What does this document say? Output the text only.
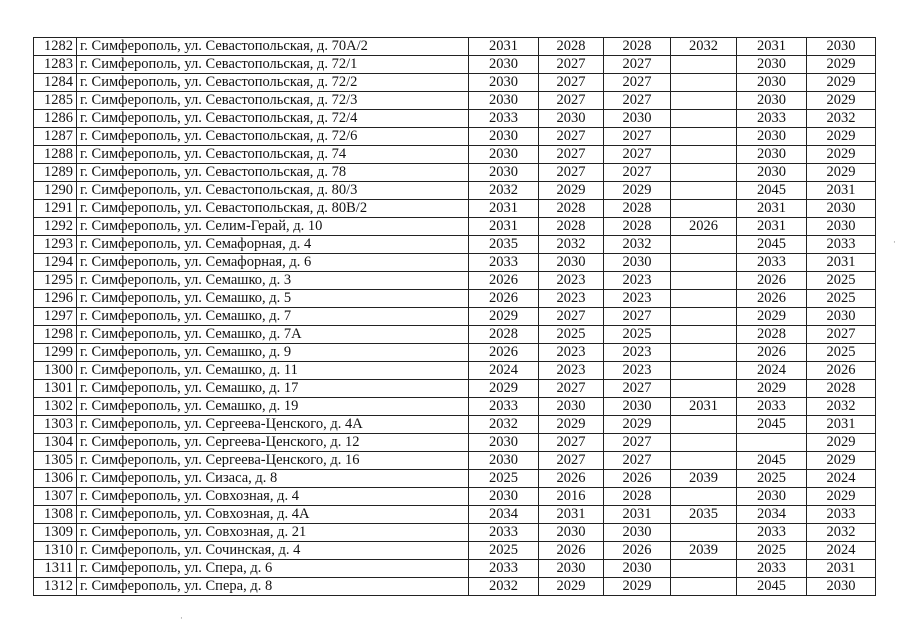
1282	г. Симферополь, ул. Севастопольская, д. 70А/2	2031	2028	2028	2032	2031	2030
1283	г. Симферополь, ул. Севастопольская, д. 72/1	2030	2027	2027		2030	2029
1284	г. Симферополь, ул. Севастопольская, д. 72/2	2030	2027	2027		2030	2029
1285	г. Симферополь, ул. Севастопольская, д. 72/3	2030	2027	2027		2030	2029
1286	г. Симферополь, ул. Севастопольская, д. 72/4	2033	2030	2030		2033	2032
1287	г. Симферополь, ул. Севастопольская, д. 72/6	2030	2027	2027		2030	2029
1288	г. Симферополь, ул. Севастопольская, д. 74	2030	2027	2027		2030	2029
1289	г. Симферополь, ул. Севастопольская, д. 78	2030	2027	2027		2030	2029
1290	г. Симферополь, ул. Севастопольская, д. 80/3	2032	2029	2029		2045	2031
1291	г. Симферополь, ул. Севастопольская, д. 80В/2	2031	2028	2028		2031	2030
1292	г. Симферополь, ул. Селим-Герай, д. 10	2031	2028	2028	2026	2031	2030
1293	г. Симферополь, ул. Семафорная, д. 4	2035	2032	2032		2045	2033
1294	г. Симферополь, ул. Семафорная, д. 6	2033	2030	2030		2033	2031
1295	г. Симферополь, ул. Семашко, д. 3	2026	2023	2023		2026	2025
1296	г. Симферополь, ул. Семашко, д. 5	2026	2023	2023		2026	2025
1297	г. Симферополь, ул. Семашко, д. 7	2029	2027	2027		2029	2030
1298	г. Симферополь, ул. Семашко, д. 7А	2028	2025	2025		2028	2027
1299	г. Симферополь, ул. Семашко, д. 9	2026	2023	2023		2026	2025
1300	г. Симферополь, ул. Семашко, д. 11	2024	2023	2023		2024	2026
1301	г. Симферополь, ул. Семашко, д. 17	2029	2027	2027		2029	2028
1302	г. Симферополь, ул. Семашко, д. 19	2033	2030	2030	2031	2033	2032
1303	г. Симферополь, ул. Сергеева-Ценского, д. 4А	2032	2029	2029		2045	2031
1304	г. Симферополь, ул. Сергеева-Ценского, д. 12	2030	2027	2027			2029
1305	г. Симферополь, ул. Сергеева-Ценского, д. 16	2030	2027	2027		2045	2029
1306	г. Симферополь, ул. Сизаса, д. 8	2025	2026	2026	2039	2025	2024
1307	г. Симферополь, ул. Совхозная, д. 4	2030	2016	2028		2030	2029
1308	г. Симферополь, ул. Совхозная, д. 4А	2034	2031	2031	2035	2034	2033
1309	г. Симферополь, ул. Совхозная, д. 21	2033	2030	2030		2033	2032
1310	г. Симферополь, ул. Сочинская, д. 4	2025	2026	2026	2039	2025	2024
1311	г. Симферополь, ул. Спера, д. 6	2033	2030	2030		2033	2031
1312	г. Симферополь, ул. Спера, д. 8	2032	2029	2029		2045	2030
·
·
